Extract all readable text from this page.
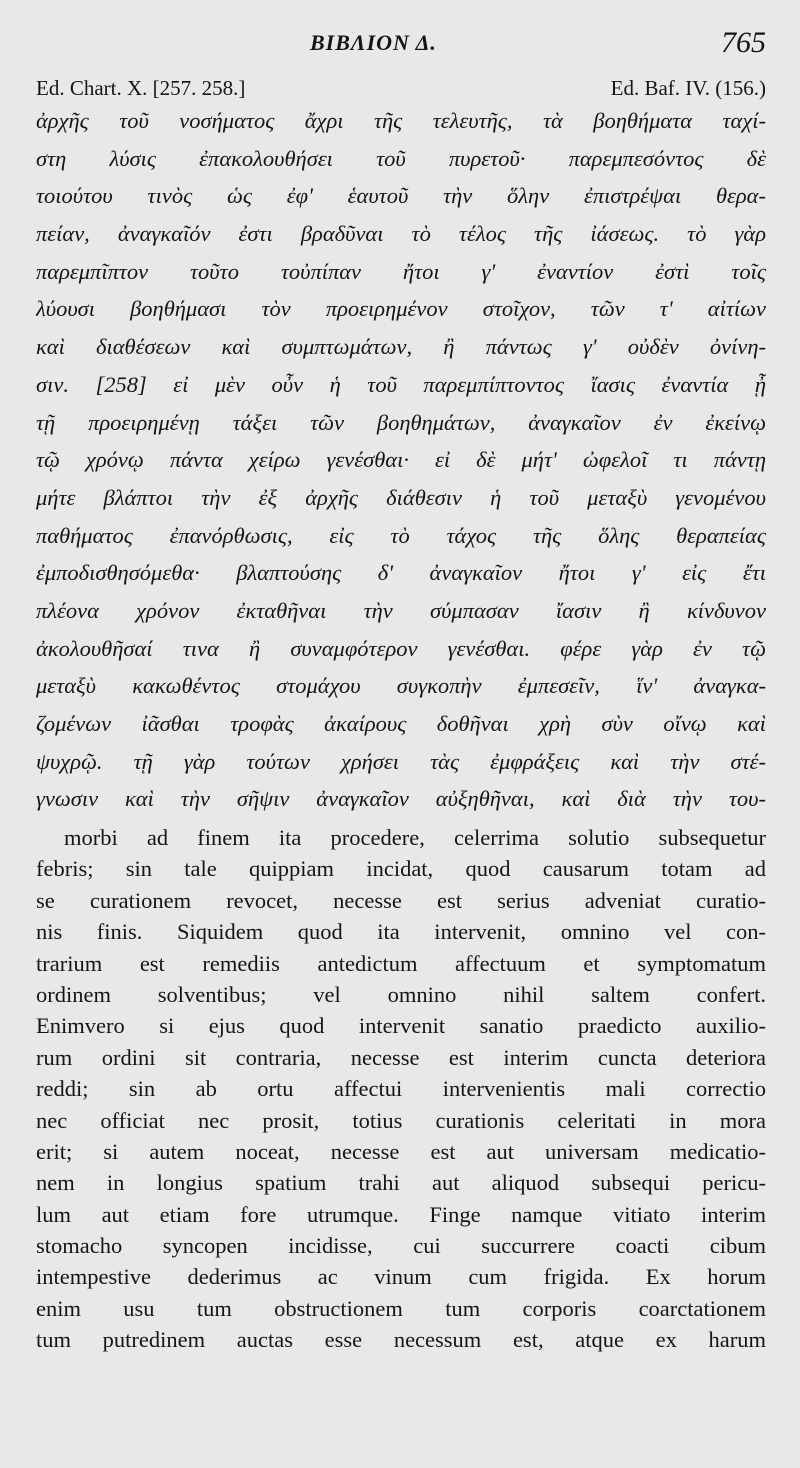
ΒΙΒΛΙΟΝ Δ.	765
Ed. Chart. X. [257. 258.]	Ed. Baf. IV. (156.)
ἀρχῆς τοῦ νοσήματος ἄχρι τῆς τελευτῆς, τὰ βοηθήματα ταχί-
στη λύσις ἐπακολουθήσει τοῦ πυρετοῦ· παρεμπεσόντος δὲ
τοιούτου τινὸς ὡς ἐφ' ἑαυτοῦ τὴν ὅλην ἐπιστρέψαι θερα-
πείαν, ἀναγκαῖόν ἐστι βραδῦναι τὸ τέλος τῆς ἰάσεως. τὸ γὰρ
παρεμπῖπτον τοῦτο τοὐπίπαν ἤτοι γ' ἐναντίον ἐστὶ τοῖς
λύουσι βοηθήμασι τὸν προειρημένον στοῖχον, τῶν τ' αἰτίων
καὶ διαθέσεων καὶ συμπτωμάτων, ἢ πάντως γ' οὐδὲν ὀνίνη-
σιν. [258] εἰ μὲν οὖν ἡ τοῦ παρεμπίπτοντος ἴασις ἐναντία ᾖ
τῇ προειρημένῃ τάξει τῶν βοηθημάτων, ἀναγκαῖον ἐν ἐκείνῳ
τῷ χρόνῳ πάντα χείρω γενέσθαι· εἰ δὲ μήτ' ὠφελοῖ τι πάντῃ
μήτε βλάπτοι τὴν ἐξ ἀρχῆς διάθεσιν ἡ τοῦ μεταξὺ γενομένου
παθήματος ἐπανόρθωσις, εἰς τὸ τάχος τῆς ὅλης θεραπείας
ἐμποδισθησόμεθα· βλαπτούσης δ' ἀναγκαῖον ἤτοι γ' εἰς ἔτι
πλέονα χρόνον ἐκταθῆναι τὴν σύμπασαν ἴασιν ἢ κίνδυνον
ἀκολουθῆσαί τινα ἢ συναμφότερον γενέσθαι. φέρε γὰρ ἐν τῷ
μεταξὺ κακωθέντος στομάχου συγκοπὴν ἐμπεσεῖν, ἵν' ἀναγκα-
ζομένων ἰᾶσθαι τροφὰς ἀκαίρους δοθῆναι χρὴ σὺν οἴνῳ καὶ
ψυχρῷ. τῇ γὰρ τούτων χρήσει τὰς ἐμφράξεις καὶ τὴν στέ-
γνωσιν καὶ τὴν σῆψιν ἀναγκαῖον αὐξηθῆναι, καὶ διὰ τὴν του-
morbi ad finem ita procedere, celerrima solutio subsequetur
febris; sin tale quippiam incidat, quod causarum totam ad
se curationem revocet, necesse est serius adveniat curatio-
nis finis. Siquidem quod ita intervenit, omnino vel con-
trarium est remediis antedictum affectuum et symptomatum
ordinem solventibus; vel omnino nihil saltem confert.
Enimvero si ejus quod intervenit sanatio praedicto auxilio-
rum ordini sit contraria, necesse est interim cuncta deteriora
reddi; sin ab ortu affectui intervenientis mali correctio
nec officiat nec prosit, totius curationis celeritati in mora
erit; si autem noceat, necesse est aut universam medicatio-
nem in longius spatium trahi aut aliquod subsequi pericu-
lum aut etiam fore utrumque. Finge namque vitiato interim
stomacho syncopen incidisse, cui succurrere coacti cibum
intempestive dederimus ac vinum cum frigida. Ex horum
enim usu tum obstructionem tum corporis coarctationem
tum putredinem auctas esse necessum est, atque ex harum
